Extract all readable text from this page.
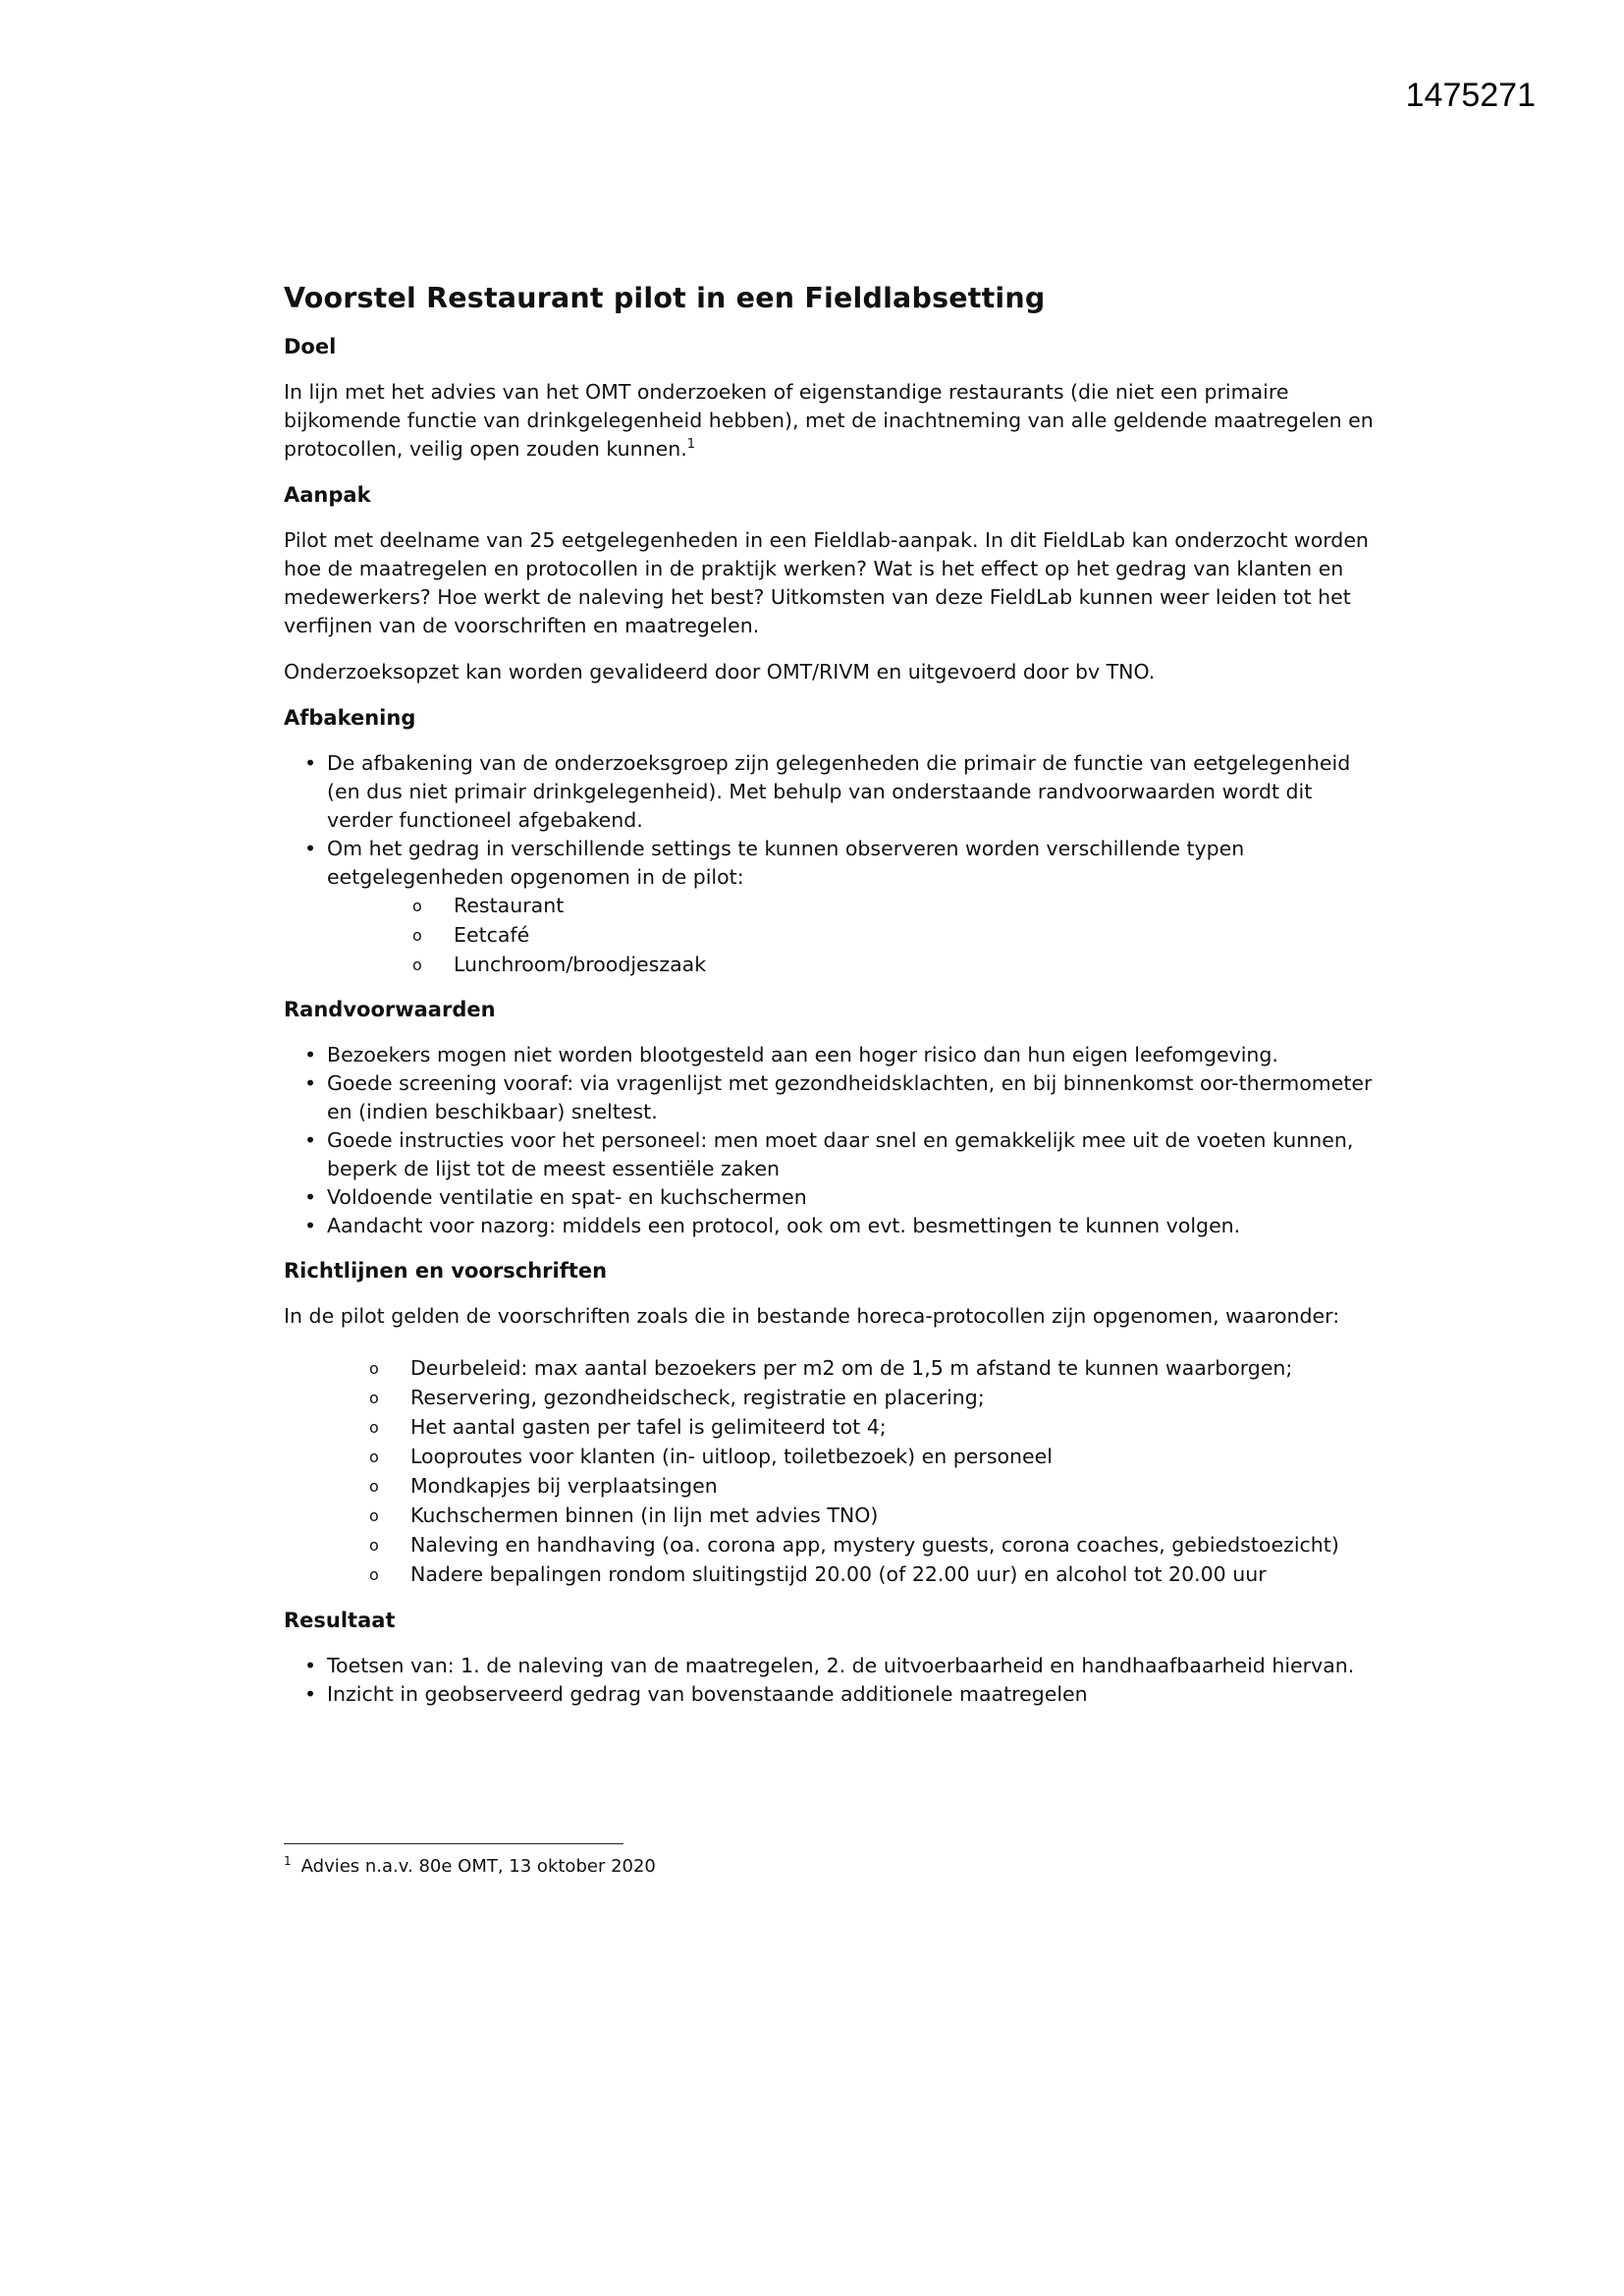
1475271
Voorstel Restaurant pilot in een Fieldlabsetting
Doel

In lijn met het advies van het OMT onderzoeken of eigenstandige restaurants (die niet een primaire bijkomende functie van drinkgelegenheid hebben), met de inachtneming van alle geldende maatregelen en protocollen, veilig open zouden kunnen.$^1$

Aanpak

Pilot met deelname van 25 eetgelegenheden in een Fieldlab-aanpak. In dit FieldLab kan onderzocht worden hoe de maatregelen en protocollen in de praktijk werken? Wat is het effect op het gedrag van klanten en medewerkers? Hoe werkt de naleving het best? Uitkomsten van deze FieldLab kunnen weer leiden tot het verfijnen van de voorschriften en maatregelen.

Onderzoeksopzet kan worden gevalideerd door OMT/RIVM en uitgevoerd door bv TNO.

Afbakening
• De afbakening van de onderzoeksgroep zijn gelegenheden die primair de functie van eetgelegenheid (en dus niet primair drinkgelegenheid). Met behulp van onderstaande randvoorwaarden wordt dit verder functioneel afgebakend.
• Om het gedrag in verschillende settings te kunnen observeren worden verschillende typen eetgelegenheden opgenomen in de pilot:
o Restaurant
o Eetcafé
o Lunchroom/broodjeszaak
Randvoorwaarden
• Bezoekers mogen niet worden blootgesteld aan een hoger risico dan hun eigen leefomgeving.
• Goede screening vooraf: via vragenlijst met gezondheidsklachten, en bij binnenkomst oor-thermometer en (indien beschikbaar) sneltest.
• Goede instructies voor het personeel: men moet daar snel en gemakkelijk mee uit de voeten kunnen, beperk de lijst tot de meest essentiële zaken
• Voldoende ventilatie en spat- en kuchschermen
• Aandacht voor nazorg: middels een protocol, ook om evt. besmettingen te kunnen volgen.
Richtlijnen en voorschriften

In de pilot gelden de voorschriften zoals die in bestande horeca-protocollen zijn opgenomen, waaronder:

o Deurbeleid: max aantal bezoekers per m2 om de 1,5 m afstand te kunnen waarborgen;
o Reservering, gezondheidscheck, registratie en placering;
o Het aantal gasten per tafel is gelimiteerd tot 4;
o Looproutes voor klanten (in- uitloop, toiletbezoek) en personeel
o Mondkapjes bij verplaatsingen
o Kuchschermen binnen (in lijn met advies TNO)
o Naleving en handhaving (oa. corona app, mystery guests, corona coaches, gebiedstoezicht)
o Nadere bepalingen rondom sluitingstijd 20.00 (of 22.00 uur) en alcohol tot 20.00 uur
Resultaat
• Toetsen van: 1. de naleving van de maatregelen, 2. de uitvoerbaarheid en handhaafbaarheid hiervan.
• Inzicht in geobserveerd gedrag van bovenstaande additionele maatregelen
$^1$ Advies n.a.v. 80e OMT, 13 oktober 2020
